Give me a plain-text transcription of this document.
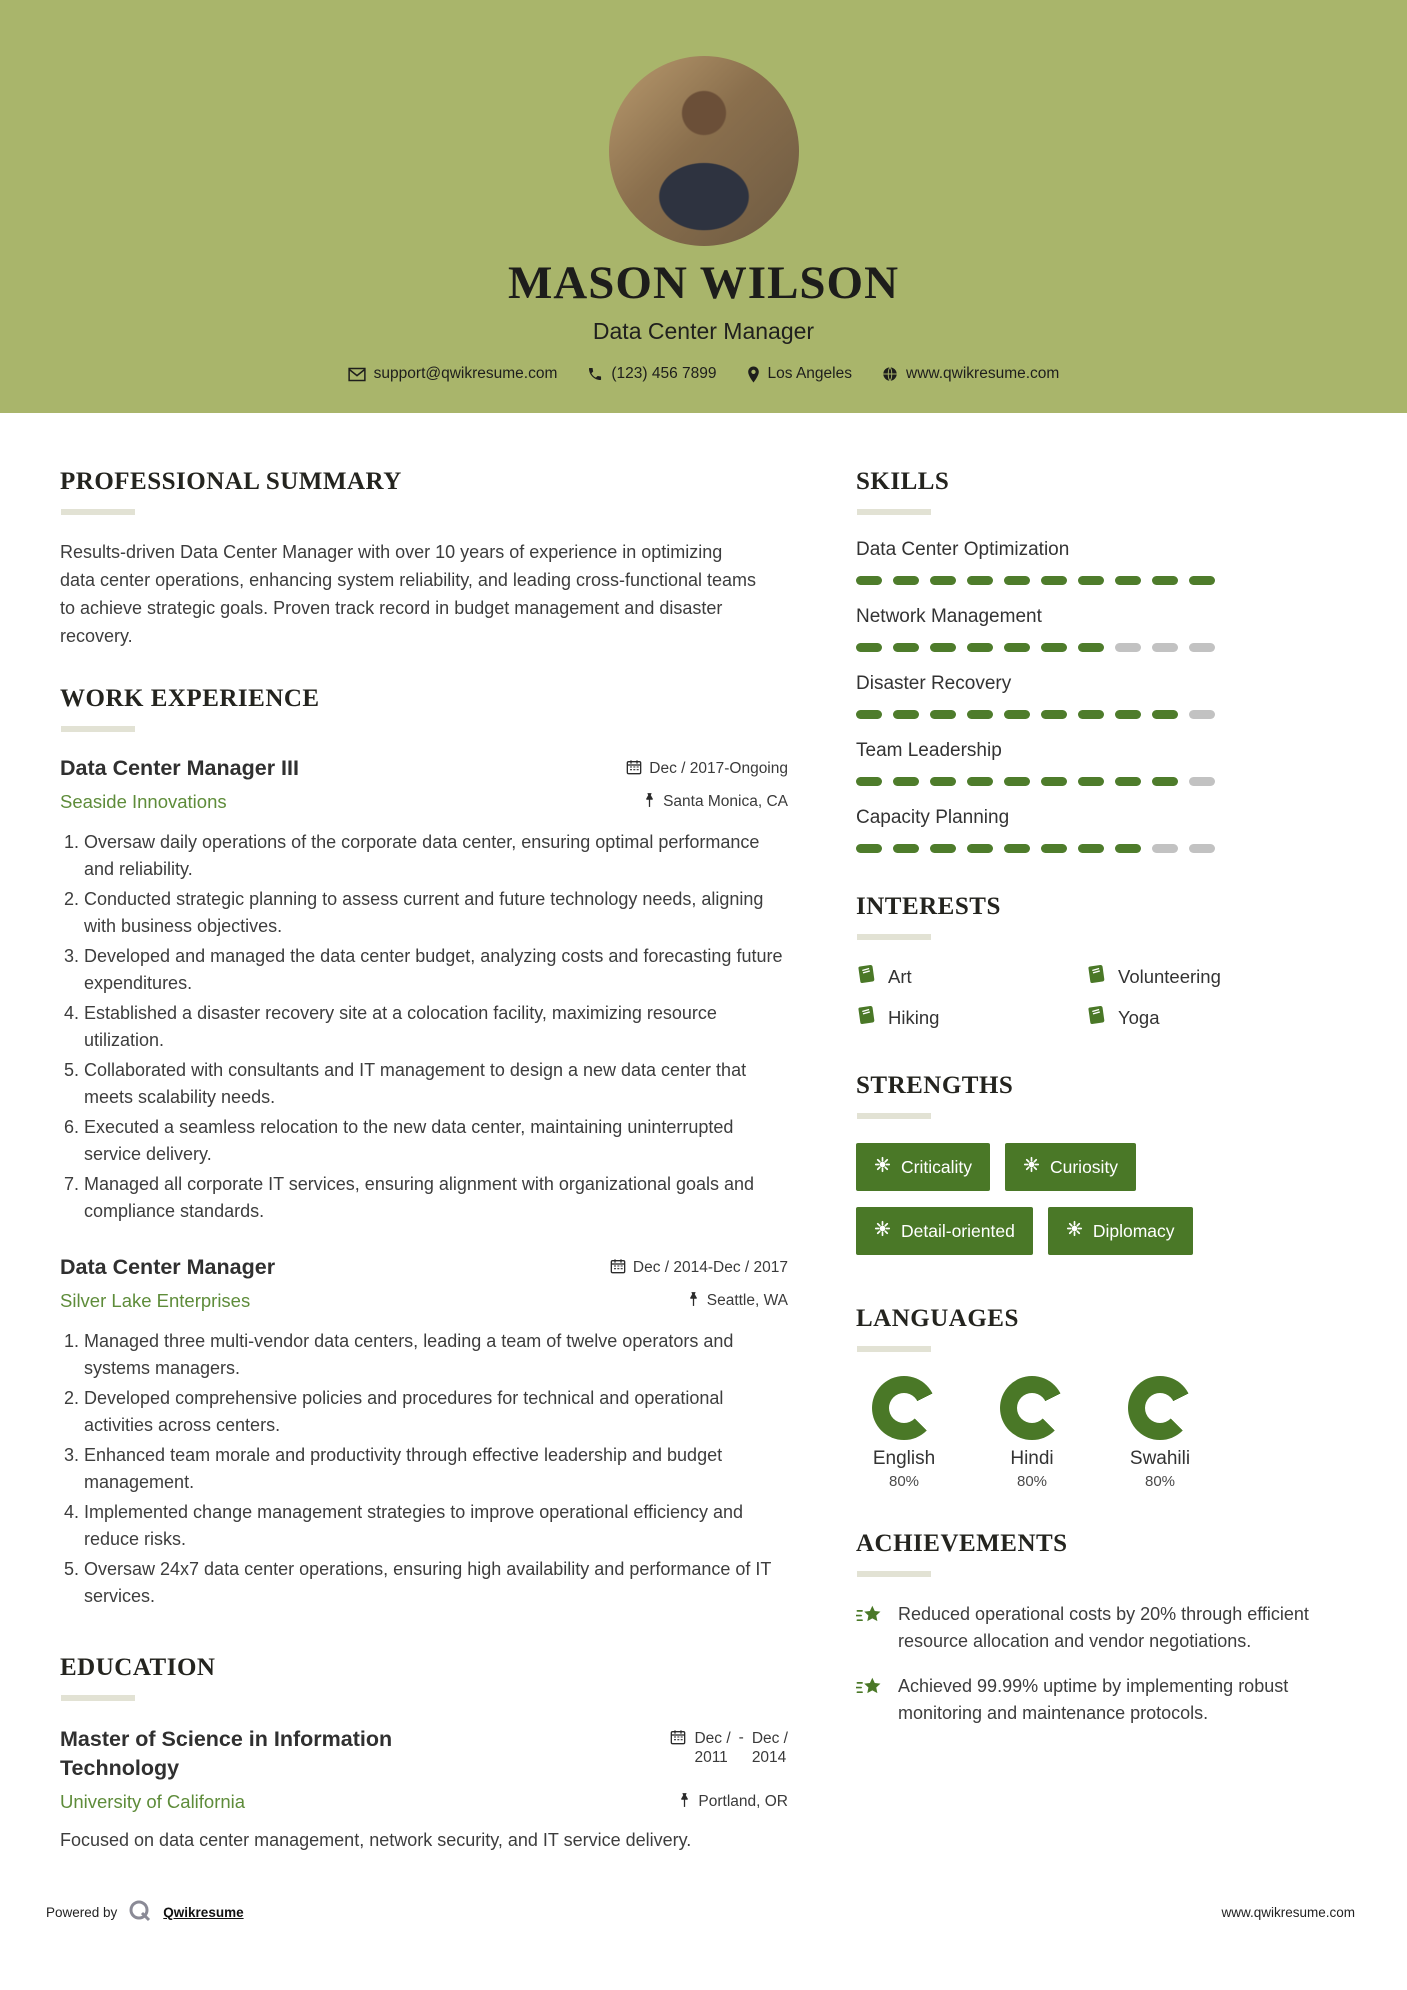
MASON WILSON
Data Center Manager
support@qwikresume.com	(123) 456 7899	Los Angeles	www.qwikresume.com
PROFESSIONAL SUMMARY

Results-driven Data Center Manager with over 10 years of experience in optimizing data center operations, enhancing system reliability, and leading cross-functional teams to achieve strategic goals. Proven track record in budget management and disaster recovery.

WORK EXPERIENCE
Data Center Manager III	Dec / 2017-Ongoing
Seaside Innovations	Santa Monica, CA
1. Oversaw daily operations of the corporate data center, ensuring optimal performance and reliability.
2. Conducted strategic planning to assess current and future technology needs, aligning with business objectives.
3. Developed and managed the data center budget, analyzing costs and forecasting future expenditures.
4. Established a disaster recovery site at a colocation facility, maximizing resource utilization.
5. Collaborated with consultants and IT management to design a new data center that meets scalability needs.
6. Executed a seamless relocation to the new data center, maintaining uninterrupted service delivery.
7. Managed all corporate IT services, ensuring alignment with organizational goals and compliance standards.
Data Center Manager	Dec / 2014-Dec / 2017
Silver Lake Enterprises	Seattle, WA
1. Managed three multi-vendor data centers, leading a team of twelve operators and systems managers.
2. Developed comprehensive policies and procedures for technical and operational activities across centers.
3. Enhanced team morale and productivity through effective leadership and budget management.
4. Implemented change management strategies to improve operational efficiency and reduce risks.
5. Oversaw 24x7 data center operations, ensuring high availability and performance of IT services.
EDUCATION
Master of Science in Information Technology
Dec /
2011
- Dec /
2014
University of California	Portland, OR

Focused on data center management, network security, and IT service delivery.

SKILLS
Data Center Optimization
Network Management
Disaster Recovery
Team Leadership
Capacity Planning
INTERESTS
Art	Volunteering
Hiking	Yoga
STRENGTHS
Criticality	Curiosity
Detail-oriented	Diplomacy
LANGUAGES
English
80%
Hindi
80%
Swahili
80%
ACHIEVEMENTS

Reduced operational costs by 20% through efficient resource allocation and vendor negotiations.

Achieved 99.99% uptime by implementing robust monitoring and maintenance protocols.

Powered by	Qwikresume	www.qwikresume.com
